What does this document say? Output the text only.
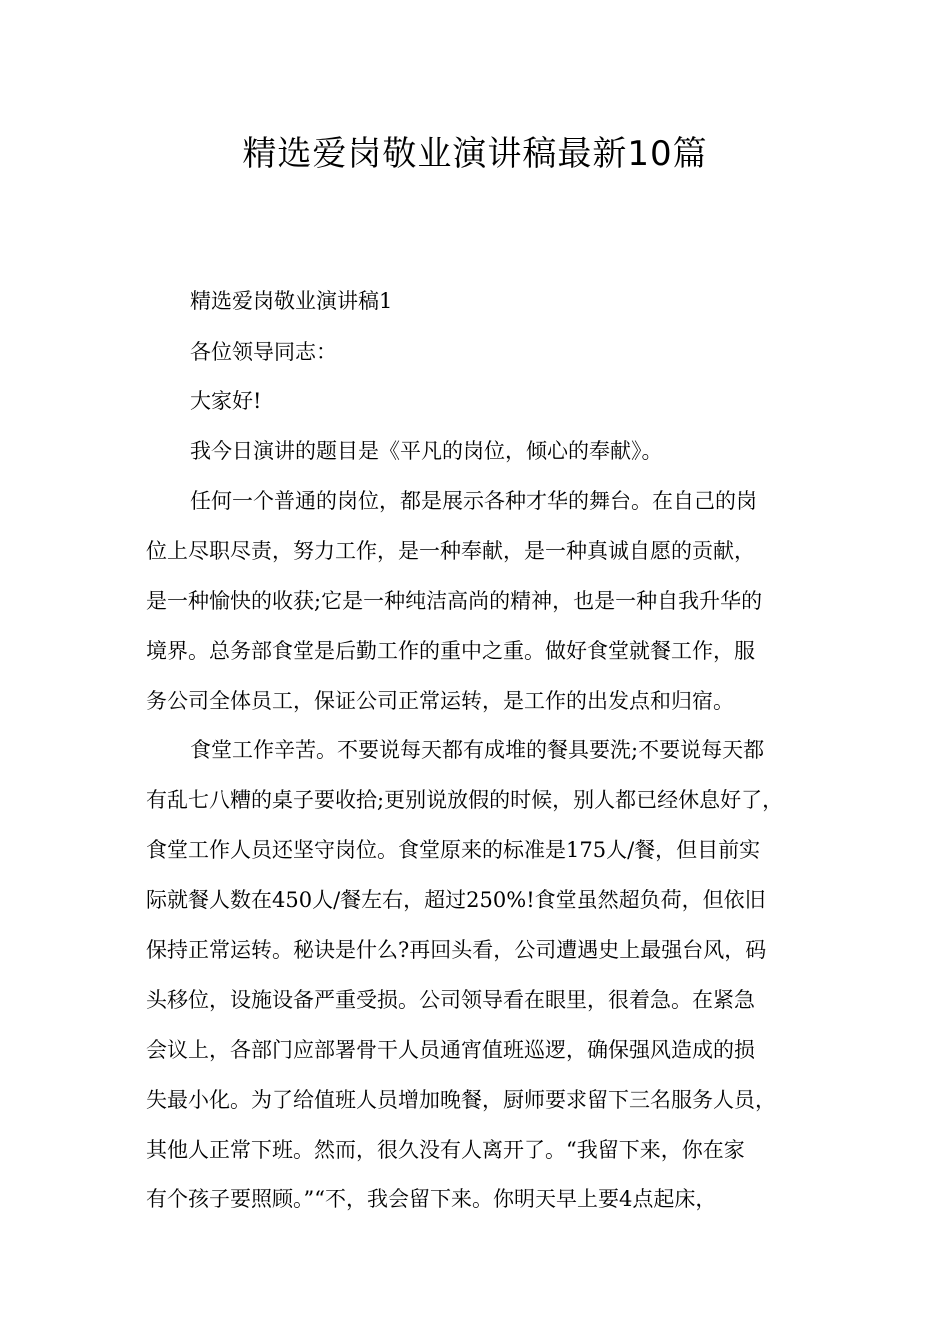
精选爱岗敬业演讲稿最新10篇

精选爱岗敬业演讲稿1

各位领导同志：

大家好!

我今日演讲的题目是《平凡的岗位，倾心的奉献》。

任何一个普通的岗位，都是展示各种才华的舞台。在自己的岗

位上尽职尽责，努力工作，是一种奉献，是一种真诚自愿的贡献，

是一种愉快的收获;它是一种纯洁高尚的精神，也是一种自我升华的

境界。总务部食堂是后勤工作的重中之重。做好食堂就餐工作，服

务公司全体员工，保证公司正常运转，是工作的出发点和归宿。

食堂工作辛苦。不要说每天都有成堆的餐具要洗;不要说每天都

有乱七八糟的桌子要收拾;更别说放假的时候，别人都已经休息好了，

食堂工作人员还坚守岗位。食堂原来的标准是175人/餐，但目前实

际就餐人数在450人/餐左右，超过250%!食堂虽然超负荷，但依旧

保持正常运转。秘诀是什么?再回头看，公司遭遇史上最强台风，码

头移位，设施设备严重受损。公司领导看在眼里，很着急。在紧急

会议上，各部门应部署骨干人员通宵值班巡逻，确保强风造成的损

失最小化。为了给值班人员增加晚餐，厨师要求留下三名服务人员，

其他人正常下班。然而，很久没有人离开了。“我留下来，你在家

有个孩子要照顾。”“不，我会留下来。你明天早上要4点起床，
